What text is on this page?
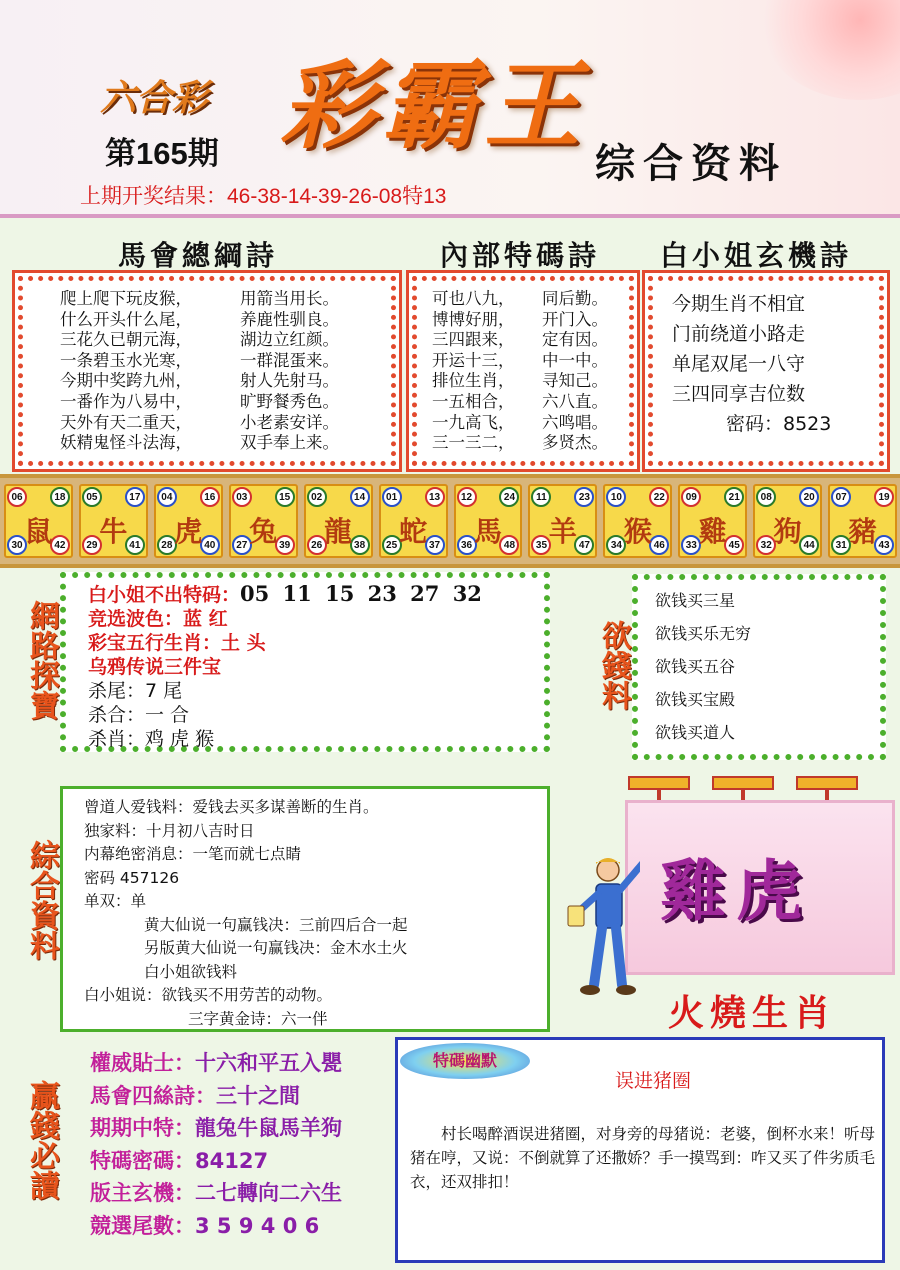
六合彩 彩霸王
第165期	综合资料
上期开奖结果：46-38-14-39-26-08特13
馬會總綱詩	內部特碼詩 白小姐玄機詩
爬上爬下玩皮猴，	用箭当用长。
什么开头什么尾，	养鹿性驯良。
三花久已朝元海，	湖边立红颜。
一条碧玉水光寒，	一群混蛋来。
今期中奖跨九州，	射人先射马。
一番作为八易中，	旷野餐秀色。
天外有天二重天，	小老素安详。
妖精鬼怪斗法海，	双手奉上来。
可也八九， 同后勤。
博博好朋， 开门入。
三四跟来， 定有因。
开运十三， 中一中。
排位生肖， 寻知己。
一五相合， 六八直。
一九高飞， 六鸣唱。
三一三二， 多贤杰。
今期生肖不相宜
门前绕道小路走
单尾双尾一八守
三四同享吉位数
密码：8523
06	18
30	42
鼠
05	17
29	41
牛
04	16
28	40
虎
03	15
27	39
兔
02	14
26	38
龍
01	13
25	37
蛇
12	24
36	48
馬
11	23
35	47
羊
10	22
34	46
猴
09	21
33	45
雞
08	20
32	44
狗
07	19
31	43
豬
網路探寶	欲錢料
綜合資料
贏錢必讀
白小姐不出特码：05 11 15 23 27 32
竞选波色：蓝 红
彩宝五行生肖：土 头
乌鸦传说三件宝
杀尾：7 尾
杀合：一 合
杀肖：鸡 虎 猴
欲钱买三星
欲钱买乐无穷
欲钱买五谷
欲钱买宝殿
欲钱买道人
曾道人爱钱料：爱钱去买多谋善断的生肖。
独家料：十月初八吉时日
内幕绝密消息：一笔而就七点睛
密码 457126
单双：单
黄大仙说一句赢钱决：三前四后合一起
另版黄大仙说一句赢钱决：金木水土火
白小姐欲钱料
白小姐说：欲钱买不用劳苦的动物。
三字黄金诗：六一伴
雞虎
火燒生肖
權威貼士：十六和平五入甖
馬會四絲詩：三十之間
期期中特：龍兔牛鼠馬羊狗
特碼密碼：84127
版主玄機：二七轉向二六生
競選尾數：3 5 9 4 0 6
特碼幽默
误进猪圈
村长喝醉酒误进猪圈，对身旁的母猪说：老婆，倒杯水来！听母猪在哼，又说：不倒就算了还撒娇？手一摸骂到：咋又买了件劣质毛衣，还双排扣！
